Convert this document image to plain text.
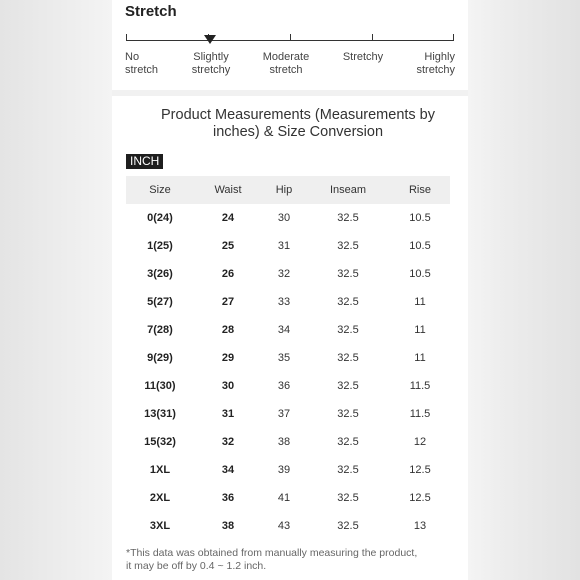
Stretch
No
stretch
Slightly
stretchy
Moderate
stretch
Stretchy	Highly
stretchy
Product Measurements (Measurements by inches) & Size Conversion
INCH
Size	Waist	Hip	Inseam	Rise
0(24)	24	30	32.5	10.5
1(25)	25	31	32.5	10.5
3(26)	26	32	32.5	10.5
5(27)	27	33	32.5	11
7(28)	28	34	32.5	11
9(29)	29	35	32.5	11
11(30)	30	36	32.5	11.5
13(31)	31	37	32.5	11.5
15(32)	32	38	32.5	12
1XL	34	39	32.5	12.5
2XL	36	41	32.5	12.5
3XL	38	43	32.5	13
*This data was obtained from manually measuring the product,
it may be off by 0.4 ~ 1.2 inch.
